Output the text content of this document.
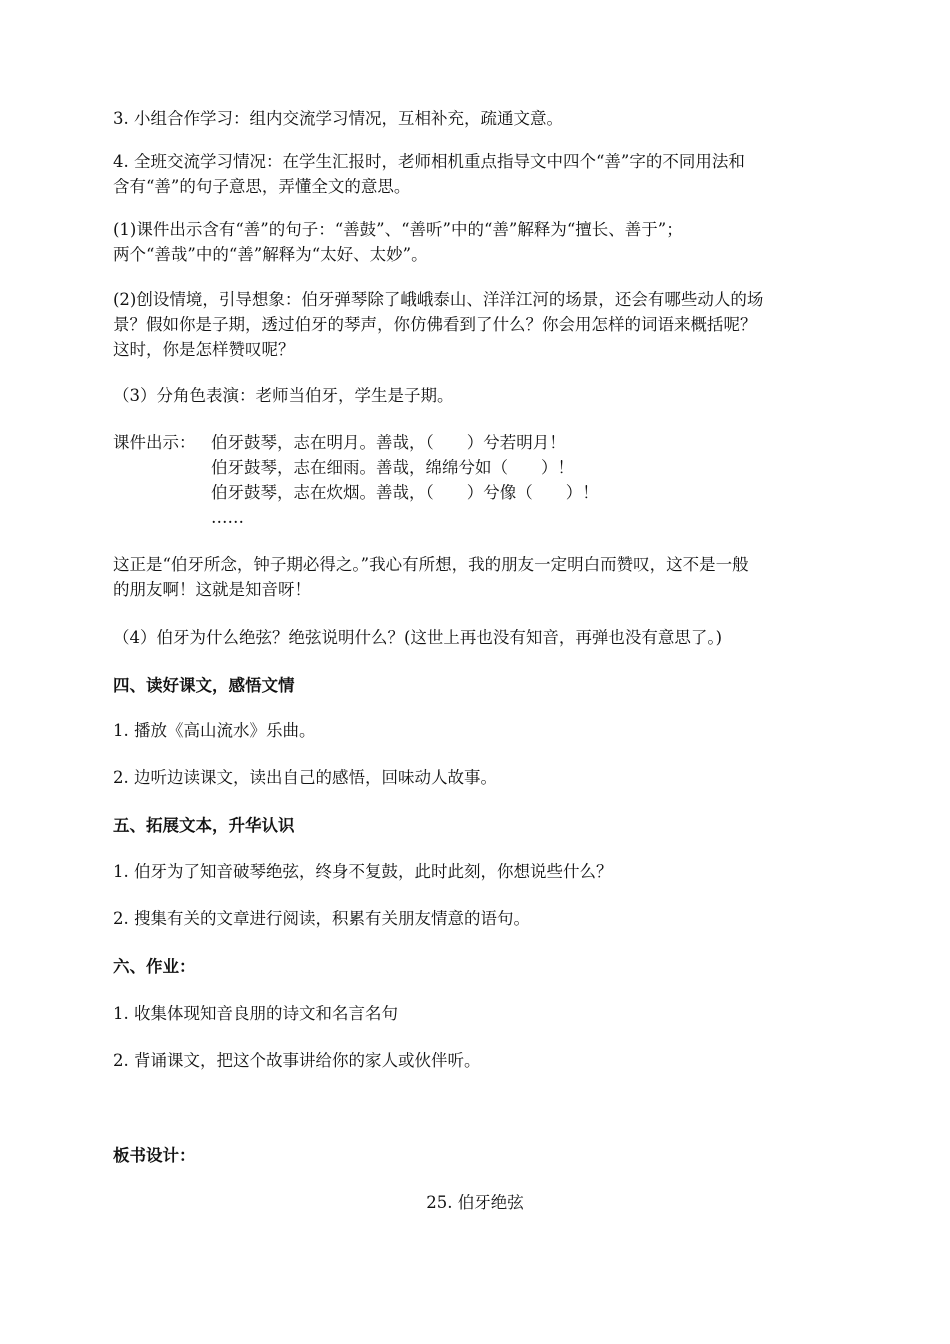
3. 小组合作学习：组内交流学习情况，互相补充，疏通文意。
4. 全班交流学习情况：在学生汇报时，老师相机重点指导文中四个“善”字的不同用法和
含有“善”的句子意思，弄懂全文的意思。
(1)课件出示含有“善”的句子：“善鼓”、“善听”中的“善”解释为“擅长、善于”；
两个“善哉”中的“善”解释为“太好、太妙”。
(2)创设情境，引导想象：伯牙弹琴除了峨峨泰山、洋洋江河的场景，还会有哪些动人的场
景？假如你是子期，透过伯牙的琴声，你仿佛看到了什么？你会用怎样的词语来概括呢？
这时，你是怎样赞叹呢？
（3）分角色表演：老师当伯牙，学生是子期。
课件出示： 伯牙鼓琴，志在明月。善哉，（　　）兮若明月！
伯牙鼓琴，志在细雨。善哉，绵绵兮如（　　）！
伯牙鼓琴，志在炊烟。善哉，（　　）兮像（　　）！
……
这正是“伯牙所念，钟子期必得之。”我心有所想，我的朋友一定明白而赞叹，这不是一般
的朋友啊！这就是知音呀！
（4）伯牙为什么绝弦？绝弦说明什么？(这世上再也没有知音，再弹也没有意思了。)
四、读好课文，感悟文情
1. 播放《高山流水》乐曲。
2. 边听边读课文，读出自己的感悟，回味动人故事。
五、拓展文本，升华认识
1. 伯牙为了知音破琴绝弦，终身不复鼓，此时此刻，你想说些什么？
2. 搜集有关的文章进行阅读，积累有关朋友情意的语句。
六、作业：
1. 收集体现知音良朋的诗文和名言名句
2. 背诵课文，把这个故事讲给你的家人或伙伴听。
板书设计：
25. 伯牙绝弦
